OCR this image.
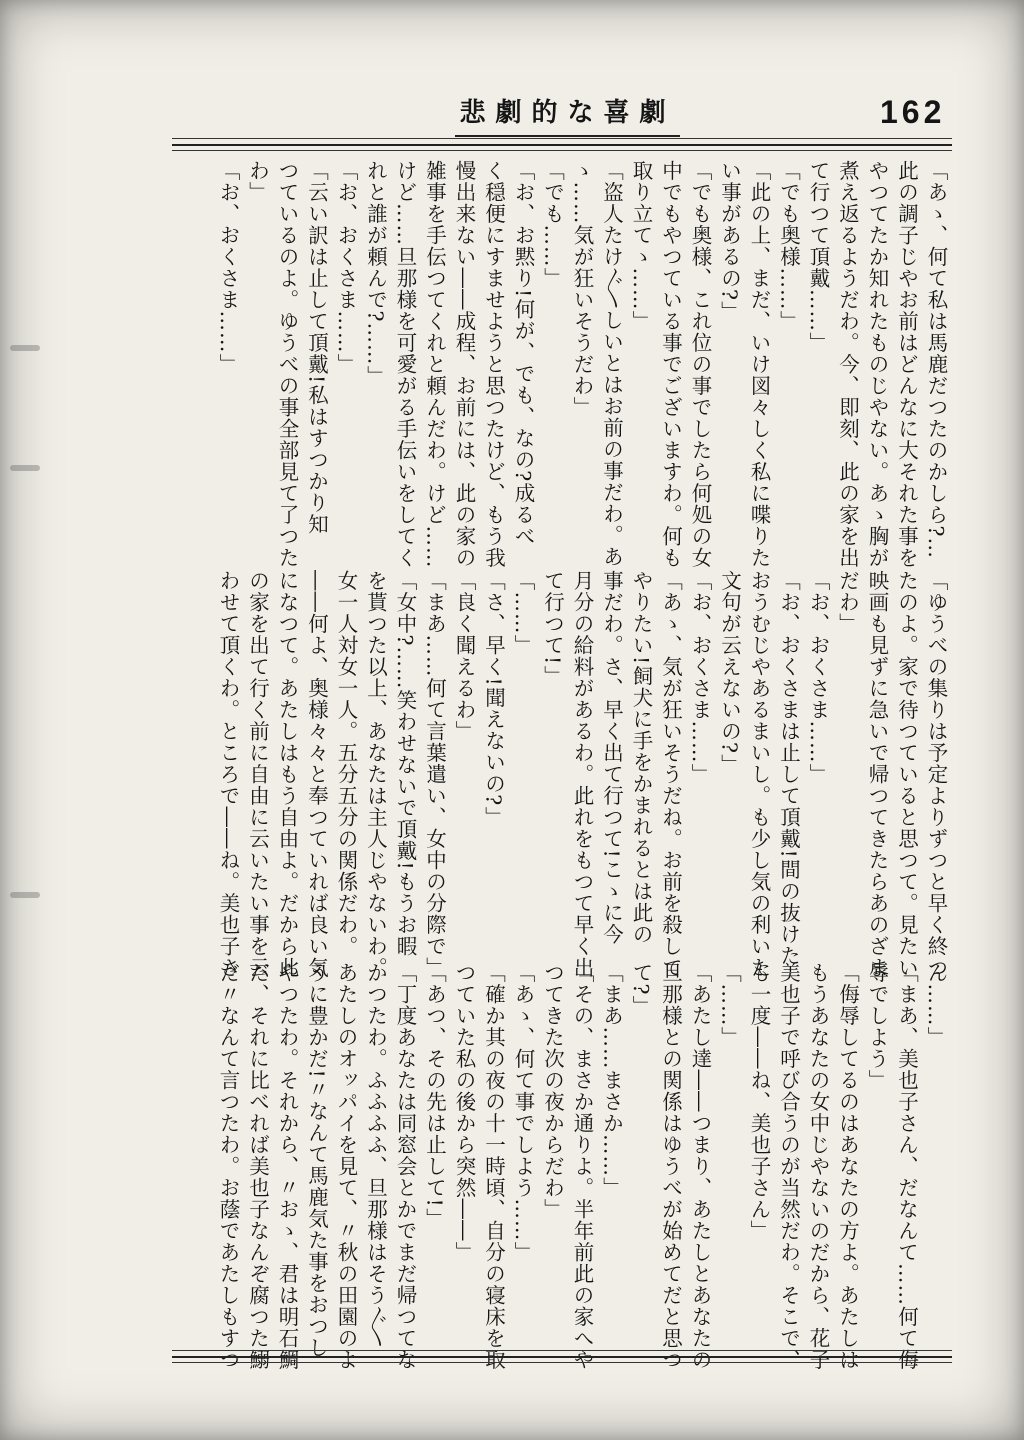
悲劇的な喜劇	162

「あゝ、何て私は馬鹿だつたのかしら?…

此の調子じやお前はどんなに大それた事を

やつてたか知れたものじやない。あゝ胸が

煮え返るようだわ。今、即刻、此の家を出

て行つて頂戴……」

「でも奥様……」

「此の上、まだ、いけ図々しく私に喋りた

い事があるの?」

「でも奥様、これ位の事でしたら何処の女

中でもやつている事でございますわ。何も

取り立てゝ……」

「盗人たけ〴〵しいとはお前の事だわ。あ

ゝ……気が狂いそうだわ」

「でも……」

「お、お黙り!何が、でも、なの?成るべ

く穏便にすませようと思つたけど、もう我

慢出来ない――成程、お前には、此の家の

雑事を手伝つてくれと頼んだわ。けど……

けど……旦那様を可愛がる手伝いをしてく

れと誰が頼んで?……」

「お、おくさま……」

「云い訳は止して頂戴!私はすつかり知

つているのよ。ゆうべの事全部見て了つた

わ」

「お、おくさま……」

「ゆうべの集りは予定よりずつと早く終つ

たのよ。家で待つていると思つて。見たい

映画も見ずに急いで帰つてきたらあのざま

だわ」

「お、おくさま……」

「お、おくさまは止して頂戴!間の抜けた

おうむじやあるまいし。も少し気の利いた

文句が云えないの?」

「お、おくさま……」

「あゝ、気が狂いそうだね。お前を殺して

やりたい!飼犬に手をかまれるとは此の

事だわ。さ、早く出て行つて!こゝに今

月分の給料があるわ。此れをもつて早く出

て行つて!」

「……」

「さ、早く!聞えないの?」

「良く聞えるわ」

「まあ……何て言葉遣い、女中の分際で」

「女中?……笑わせないで頂戴!もうお暇

を貰つた以上、あなたは主人じやないわ。

女一人対女一人。五分五分の関係だわ。

――何よ、奥様々々と奉つていれば良い気

になつて。あたしはもう自由よ。だから此

の家を出て行く前に自由に云いたい事を云

わせて頂くわ。ところで――ね。美也子さ

ん……」

「まあ、美也子さん、だなんて……何て侮

辱でしよう」

「侮辱してるのはあなたの方よ。あたしは

もうあなたの女中じやないのだから、花子

美也子で呼び合うのが当然だわ。そこで、

も一度――ね、美也子さん」

「……」

「あたし達――つまり、あたしとあなたの

旦那様との関係はゆうべが始めてだと思つ

て?」

「まあ……まさか……」

「その、まさか通りよ。半年前此の家へや

つてきた次の夜からだわ」

「あゝ、何て事でしよう……」

「確か其の夜の十一時頃、自分の寝床を取

つていた私の後から突然――」

「あつ、その先は止して!」

「丁度あなたは同窓会とかでまだ帰つてな

かつたわ。ふふふふ、旦那様はそう〴〵

あたしのオッパイを見て、〃秋の田園のよ

うに豊かだ!〃なんて馬鹿気た事をおつし

やつたわ。それから、〃おゝ、君は明石鯛

だ、それに比べれば美也子なんぞ腐つた鰯

だ〃なんて言つたわ。お蔭であたしもすつ
